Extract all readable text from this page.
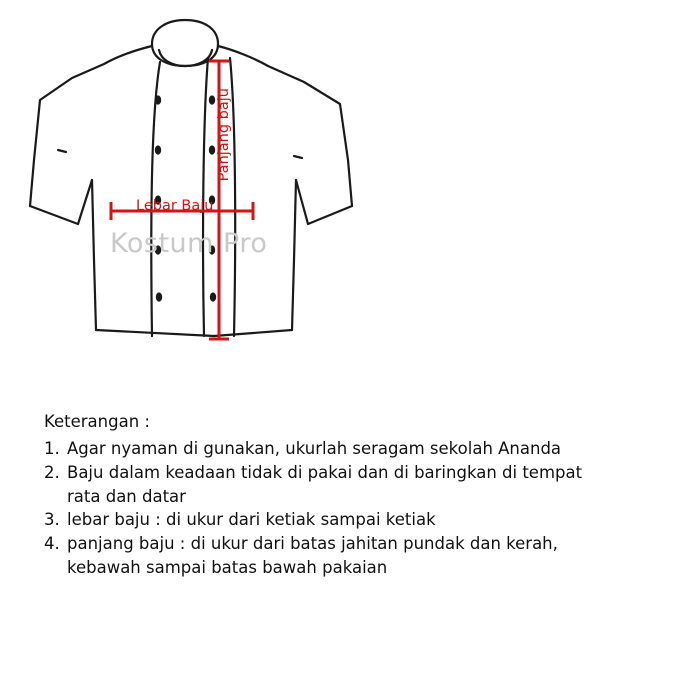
Kostum Pro
Panjang baju
Lebar Baju
Keterangan :
1. Agar nyaman di gunakan, ukurlah seragam sekolah Ananda
2. Baju dalam keadaan tidak di pakai dan di baringkan di tempat
rata dan datar
3. lebar baju : di ukur dari ketiak sampai ketiak
4. panjang baju : di ukur dari batas jahitan pundak dan kerah,
kebawah sampai batas bawah pakaian
